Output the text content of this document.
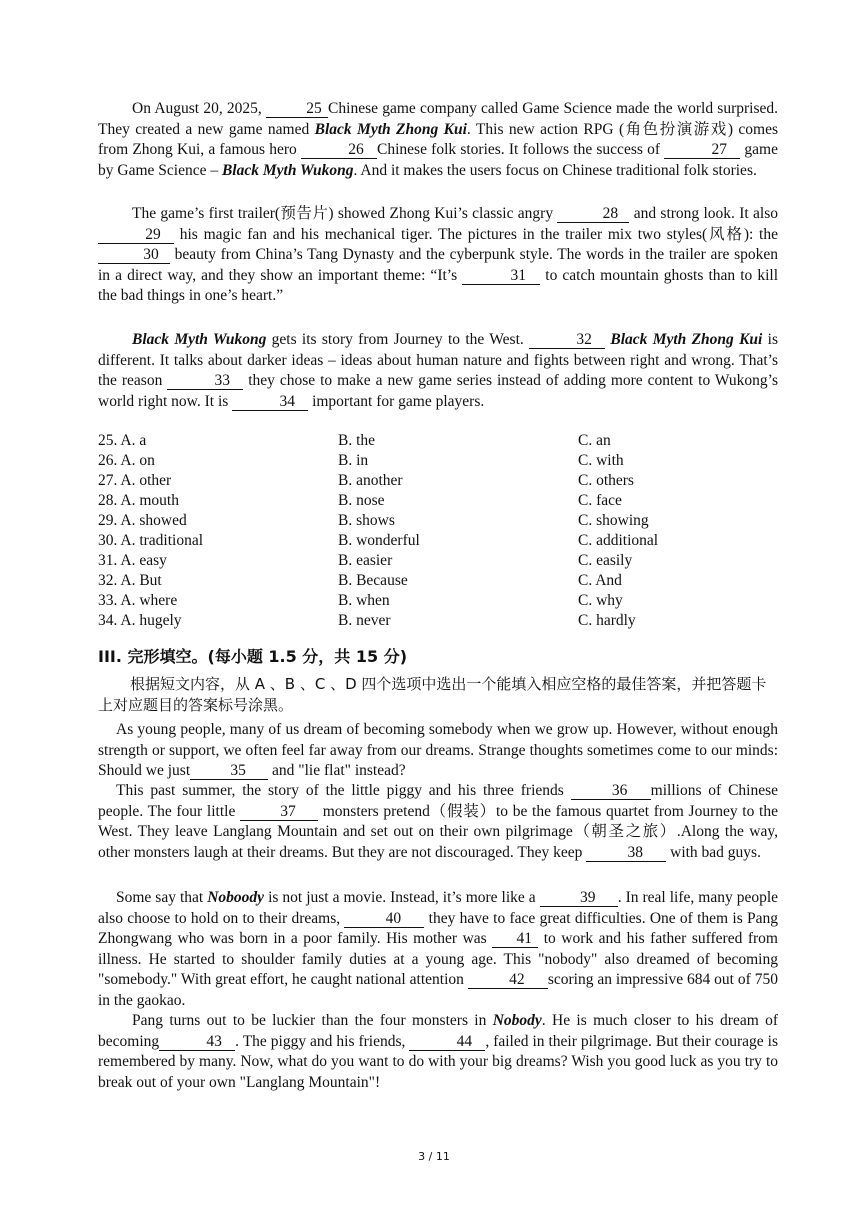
On August 20, 2025,	25 Chinese game company called Game Science made the world surprised. They created a new game named Black Myth Zhong Kui. This new action RPG (角色扮演游戏) comes from Zhong Kui, a famous hero	26 Chinese folk stories. It follows the success of	27 game by Game Science – Black Myth Wukong. And it makes the users focus on Chinese traditional folk stories.

The game’s first trailer(预告片) showed Zhong Kui’s classic angry	28 and strong look. It also29 his magic fan and his mechanical tiger. The pictures in the trailer mix two styles(风格): the30 beauty from China’s Tang Dynasty and the cyberpunk style. The words in the trailer are spoken in a direct way, and they show an important theme: “It’s	31 to catch mountain ghosts than to kill the bad things in one’s heart.”

Black Myth Wukong gets its story from Journey to the West.	32 Black Myth Zhong Kui is different. It talks about darker ideas – ideas about human nature and fights between right and wrong. That’s the reason	33 they chose to make a new game series instead of adding more content to Wukong’s world right now. It is	34 important for game players.

25. A. a	B. the	C. an
26. A. on	B. in	C. with
27. A. other	B. another	C. others
28. A. mouth	B. nose	C. face
29. A. showed	B. shows	C. showing
30. A. traditional	B. wonderful	C. additional
31. A. easy	B. easier	C. easily
32. A. But	B. Because	C. And
33. A. where	B. when	C. why
34. A. hugely	B. never	C. hardly
III. 完形填空。(每小题 1.5 分，共 15 分)

根据短文内容，从 A 、B 、C 、D 四个选项中选出一个能填入相应空格的最佳答案，并把答题卡上对应题目的答案标号涂黑。

As young people, many of us dream of becoming somebody when we grow up. However, without enough strength or support, we often feel far away from our dreams. Strange thoughts sometimes come to our minds: Should we just	35 and "lie flat" instead?

This past summer, the story of the little piggy and his three friends	36 millions of Chinese people. The four little	37 monsters pretend（假装）to be the famous quartet from Journey to the West. They leave Langlang Mountain and set out on their own pilgrimage（朝圣之旅）.Along the way, other monsters laugh at their dreams. But they are not discouraged. They keep	38 with bad guys.

Some say that Noboody is not just a movie. Instead, it’s more like a	39 . In real life, many people also choose to hold on to their dreams,	40 they have to face great difficulties. One of them is Pang Zhongwang who was born in a poor family. His mother was 41 to work and his father suffered from illness. He started to shoulder family duties at a young age. This "nobody" also dreamed of becoming "somebody." With great effort, he caught national attention	42 scoring an impressive 684 out of 750 in the gaokao.

Pang turns out to be luckier than the four monsters in Nobody. He is much closer to his dream of becoming	43 . The piggy and his friends,	44 , failed in their pilgrimage. But their courage is remembered by many. Now, what do you want to do with your big dreams? Wish you good luck as you try to break out of your own "Langlang Mountain"!

3 / 11
